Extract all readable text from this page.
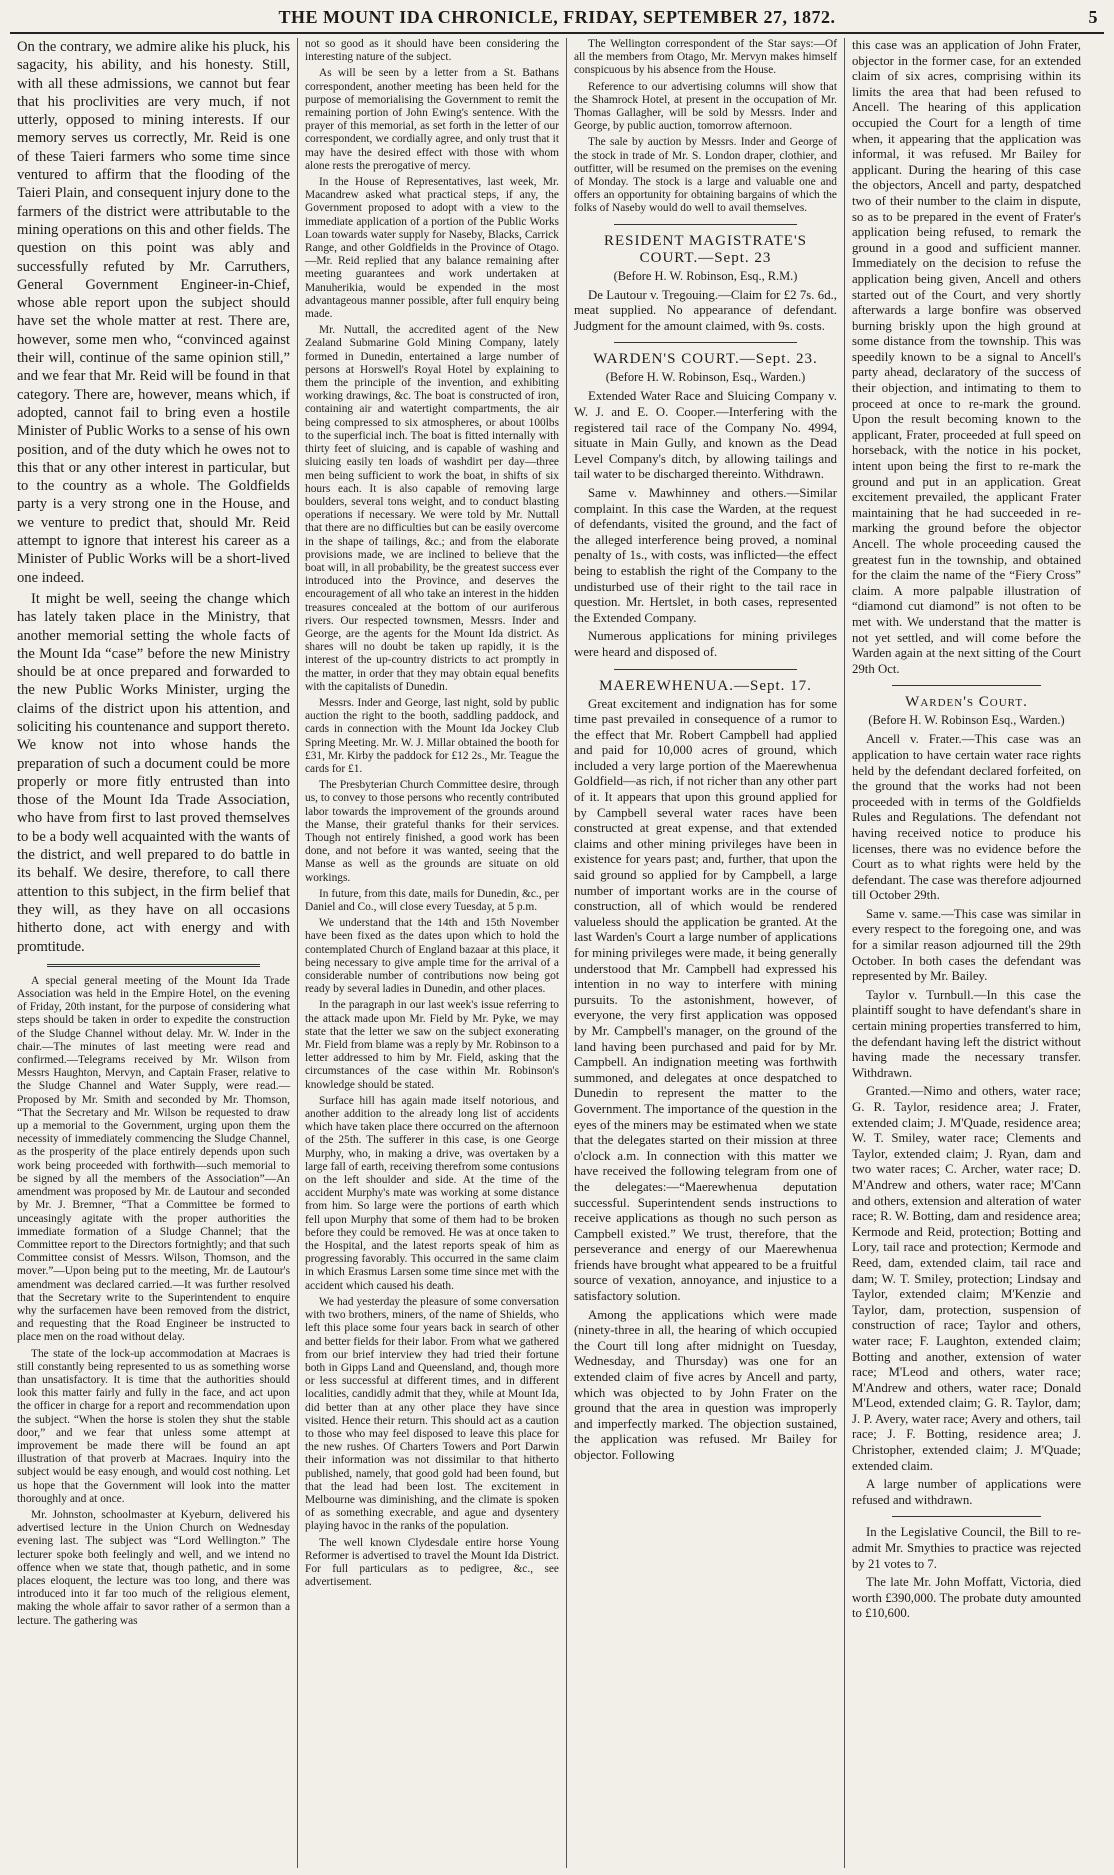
THE MOUNT IDA CHRONICLE, FRIDAY, SEPTEMBER 27, 1872.	5

On the contrary, we admire alike his pluck, his sagacity, his ability, and his honesty. Still, with all these admissions, we cannot but fear that his proclivities are very much, if not utterly, opposed to mining interests. If our memory serves us correctly, Mr. Reid is one of these Taieri farmers who some time since ventured to affirm that the flooding of the Taieri Plain, and consequent injury done to the farmers of the district were attributable to the mining operations on this and other fields. The question on this point was ably and successfully refuted by Mr. Carruthers, General Government Engineer-in-Chief, whose able report upon the subject should have set the whole matter at rest. There are, however, some men who, “convinced against their will, continue of the same opinion still,” and we fear that Mr. Reid will be found in that category. There are, however, means which, if adopted, cannot fail to bring even a hostile Minister of Public Works to a sense of his own position, and of the duty which he owes not to this that or any other interest in particular, but to the country as a whole. The Goldfields party is a very strong one in the House, and we venture to predict that, should Mr. Reid attempt to ignore that interest his career as a Minister of Public Works will be a short-lived one indeed.

It might be well, seeing the change which has lately taken place in the Ministry, that another memorial setting the whole facts of the Mount Ida “case” before the new Ministry should be at once prepared and forwarded to the new Public Works Minister, urging the claims of the district upon his attention, and soliciting his countenance and support thereto. We know not into whose hands the preparation of such a document could be more properly or more fitly entrusted than into those of the Mount Ida Trade Association, who have from first to last proved themselves to be a body well acquainted with the wants of the district, and well prepared to do battle in its behalf. We desire, therefore, to call there attention to this subject, in the firm belief that they will, as they have on all occasions hitherto done, act with energy and with promtitude.

A special general meeting of the Mount Ida Trade Association was held in the Empire Hotel, on the evening of Friday, 20th instant, for the purpose of considering what steps should be taken in order to expedite the construction of the Sludge Channel without delay. Mr. W. Inder in the chair.—The minutes of last meeting were read and confirmed.—Telegrams received by Mr. Wilson from Messrs Haughton, Mervyn, and Captain Fraser, relative to the Sludge Channel and Water Supply, were read.—Proposed by Mr. Smith and seconded by Mr. Thomson, “That the Secretary and Mr. Wilson be requested to draw up a memorial to the Government, urging upon them the necessity of immediately commencing the Sludge Channel, as the prosperity of the place entirely depends upon such work being proceeded with forthwith—such memorial to be signed by all the members of the Association”—An amendment was proposed by Mr. de Lautour and seconded by Mr. J. Bremner, “That a Committee be formed to unceasingly agitate with the proper authorities the immediate formation of a Sludge Channel; that the Committee report to the Directors fortnightly; and that such Committee consist of Messrs. Wilson, Thomson, and the mover.”—Upon being put to the meeting, Mr. de Lautour's amendment was declared carried.—It was further resolved that the Secretary write to the Superintendent to enquire why the surfacemen have been removed from the district, and requesting that the Road Engineer be instructed to place men on the road without delay.

The state of the lock-up accommodation at Macraes is still constantly being represented to us as something worse than unsatisfactory. It is time that the authorities should look this matter fairly and fully in the face, and act upon the officer in charge for a report and recommendation upon the subject. “When the horse is stolen they shut the stable door,” and we fear that unless some attempt at improvement be made there will be found an apt illustration of that proverb at Macraes. Inquiry into the subject would be easy enough, and would cost nothing. Let us hope that the Government will look into the matter thoroughly and at once.

Mr. Johnston, schoolmaster at Kyeburn, delivered his advertised lecture in the Union Church on Wednesday evening last. The subject was “Lord Wellington.” The lecturer spoke both feelingly and well, and we intend no offence when we state that, though pathetic, and in some places eloquent, the lecture was too long, and there was introduced into it far too much of the religious element, making the whole affair to savor rather of a sermon than a lecture. The gathering was

not so good as it should have been considering the interesting nature of the subject.

As will be seen by a letter from a St. Bathans correspondent, another meeting has been held for the purpose of memorialising the Government to remit the remaining portion of John Ewing's sentence. With the prayer of this memorial, as set forth in the letter of our correspondent, we cordially agree, and only trust that it may have the desired effect with those with whom alone rests the prerogative of mercy.

In the House of Representatives, last week, Mr. Macandrew asked what practical steps, if any, the Government proposed to adopt with a view to the immediate application of a portion of the Public Works Loan towards water supply for Naseby, Blacks, Carrick Range, and other Goldfields in the Province of Otago.—Mr. Reid replied that any balance remaining after meeting guarantees and work undertaken at Manuherikia, would be expended in the most advantageous manner possible, after full enquiry being made.

Mr. Nuttall, the accredited agent of the New Zealand Submarine Gold Mining Company, lately formed in Dunedin, entertained a large number of persons at Horswell's Royal Hotel by explaining to them the principle of the invention, and exhibiting working drawings, &c. The boat is constructed of iron, containing air and watertight compartments, the air being compressed to six atmospheres, or about 100lbs to the superficial inch. The boat is fitted internally with thirty feet of sluicing, and is capable of washing and sluicing easily ten loads of washdirt per day—three men being sufficient to work the boat, in shifts of six hours each. It is also capable of removing large boulders, several tons weight, and to conduct blasting operations if necessary. We were told by Mr. Nuttall that there are no difficulties but can be easily overcome in the shape of tailings, &c.; and from the elaborate provisions made, we are inclined to believe that the boat will, in all probability, be the greatest success ever introduced into the Province, and deserves the encouragement of all who take an interest in the hidden treasures concealed at the bottom of our auriferous rivers. Our respected townsmen, Messrs. Inder and George, are the agents for the Mount Ida district. As shares will no doubt be taken up rapidly, it is the interest of the up-country districts to act promptly in the matter, in order that they may obtain equal benefits with the capitalists of Dunedin.

Messrs. Inder and George, last night, sold by public auction the right to the booth, saddling paddock, and cards in connection with the Mount Ida Jockey Club Spring Meeting. Mr. W. J. Millar obtained the booth for £31, Mr. Kirby the paddock for £12 2s., Mr. Teague the cards for £1.

The Presbyterian Church Committee desire, through us, to convey to those persons who recently contributed labor towards the improvement of the grounds around the Manse, their grateful thanks for their services. Though not entirely finished, a good work has been done, and not before it was wanted, seeing that the Manse as well as the grounds are situate on old workings.

In future, from this date, mails for Dunedin, &c., per Daniel and Co., will close every Tuesday, at 5 p.m.

We understand that the 14th and 15th November have been fixed as the dates upon which to hold the contemplated Church of England bazaar at this place, it being necessary to give ample time for the arrival of a considerable number of contributions now being got ready by several ladies in Dunedin, and other places.

In the paragraph in our last week's issue referring to the attack made upon Mr. Field by Mr. Pyke, we may state that the letter we saw on the subject exonerating Mr. Field from blame was a reply by Mr. Robinson to a letter addressed to him by Mr. Field, asking that the circumstances of the case within Mr. Robinson's knowledge should be stated.

Surface hill has again made itself notorious, and another addition to the already long list of accidents which have taken place there occurred on the afternoon of the 25th. The sufferer in this case, is one George Murphy, who, in making a drive, was overtaken by a large fall of earth, receiving therefrom some contusions on the left shoulder and side. At the time of the accident Murphy's mate was working at some distance from him. So large were the portions of earth which fell upon Murphy that some of them had to be broken before they could be removed. He was at once taken to the Hospital, and the latest reports speak of him as progressing favorably. This occurred in the same claim in which Erasmus Larsen some time since met with the accident which caused his death.

We had yesterday the pleasure of some conversation with two brothers, miners, of the name of Shields, who left this place some four years back in search of other and better fields for their labor. From what we gathered from our brief interview they had tried their fortune both in Gipps Land and Queensland, and, though more or less successful at different times, and in different localities, candidly admit that they, while at Mount Ida, did better than at any other place they have since visited. Hence their return. This should act as a caution to those who may feel disposed to leave this place for the new rushes. Of Charters Towers and Port Darwin their information was not dissimilar to that hitherto published, namely, that good gold had been found, but that the lead had been lost. The excitement in Melbourne was diminishing, and the climate is spoken of as something execrable, and ague and dysentery playing havoc in the ranks of the population.

The well known Clydesdale entire horse Young Reformer is advertised to travel the Mount Ida District. For full particulars as to pedigree, &c., see advertisement.

The Wellington correspondent of the Star says:—Of all the members from Otago, Mr. Mervyn makes himself conspicuous by his absence from the House.

Reference to our advertising columns will show that the Shamrock Hotel, at present in the occupation of Mr. Thomas Gallagher, will be sold by Messrs. Inder and George, by public auction, tomorrow afternoon.

The sale by auction by Messrs. Inder and George of the stock in trade of Mr. S. London draper, clothier, and outfitter, will be resumed on the premises on the evening of Monday. The stock is a large and valuable one and offers an opportunity for obtaining bargains of which the folks of Naseby would do well to avail themselves.

RESIDENT MAGISTRATE'S COURT.—Sept. 23
(Before H. W. Robinson, Esq., R.M.)

De Lautour v. Tregouing.—Claim for £2 7s. 6d., meat supplied. No appearance of defendant. Judgment for the amount claimed, with 9s. costs.

WARDEN'S COURT.—Sept. 23.
(Before H. W. Robinson, Esq., Warden.)

Extended Water Race and Sluicing Company v. W. J. and E. O. Cooper.—Interfering with the registered tail race of the Company No. 4994, situate in Main Gully, and known as the Dead Level Company's ditch, by allowing tailings and tail water to be discharged thereinto. Withdrawn.

Same v. Mawhinney and others.—Similar complaint. In this case the Warden, at the request of defendants, visited the ground, and the fact of the alleged interference being proved, a nominal penalty of 1s., with costs, was inflicted—the effect being to establish the right of the Company to the undisturbed use of their right to the tail race in question. Mr. Hertslet, in both cases, represented the Extended Company.

Numerous applications for mining privileges were heard and disposed of.

MAEREWHENUA.—Sept. 17.

Great excitement and indignation has for some time past prevailed in consequence of a rumor to the effect that Mr. Robert Campbell had applied and paid for 10,000 acres of ground, which included a very large portion of the Maerewhenua Goldfield—as rich, if not richer than any other part of it. It appears that upon this ground applied for by Campbell several water races have been constructed at great expense, and that extended claims and other mining privileges have been in existence for years past; and, further, that upon the said ground so applied for by Campbell, a large number of important works are in the course of construction, all of which would be rendered valueless should the application be granted. At the last Warden's Court a large number of applications for mining privileges were made, it being generally understood that Mr. Campbell had expressed his intention in no way to interfere with mining pursuits. To the astonishment, however, of everyone, the very first application was opposed by Mr. Campbell's manager, on the ground of the land having been purchased and paid for by Mr. Campbell. An indignation meeting was forthwith summoned, and delegates at once despatched to Dunedin to represent the matter to the Government. The importance of the question in the eyes of the miners may be estimated when we state that the delegates started on their mission at three o'clock a.m. In connection with this matter we have received the following telegram from one of the delegates:—“Maerewhenua deputation successful. Superintendent sends instructions to receive applications as though no such person as Campbell existed.” We trust, therefore, that the perseverance and energy of our Maerewhenua friends have brought what appeared to be a fruitful source of vexation, annoyance, and injustice to a satisfactory solution.

Among the applications which were made (ninety-three in all, the hearing of which occupied the Court till long after midnight on Tuesday, Wednesday, and Thursday) was one for an extended claim of five acres by Ancell and party, which was objected to by John Frater on the ground that the area in question was improperly and imperfectly marked. The objection sustained, the application was refused. Mr Bailey for objector. Following

this case was an application of John Frater, objector in the former case, for an extended claim of six acres, comprising within its limits the area that had been refused to Ancell. The hearing of this application occupied the Court for a length of time when, it appearing that the application was informal, it was refused. Mr Bailey for applicant. During the hearing of this case the objectors, Ancell and party, despatched two of their number to the claim in dispute, so as to be prepared in the event of Frater's application being refused, to remark the ground in a good and sufficient manner. Immediately on the decision to refuse the application being given, Ancell and others started out of the Court, and very shortly afterwards a large bonfire was observed burning briskly upon the high ground at some distance from the township. This was speedily known to be a signal to Ancell's party ahead, declaratory of the success of their objection, and intimating to them to proceed at once to re-mark the ground. Upon the result becoming known to the applicant, Frater, proceeded at full speed on horseback, with the notice in his pocket, intent upon being the first to re-mark the ground and put in an application. Great excitement prevailed, the applicant Frater maintaining that he had succeeded in re-marking the ground before the objector Ancell. The whole proceeding caused the greatest fun in the township, and obtained for the claim the name of the “Fiery Cross” claim. A more palpable illustration of “diamond cut diamond” is not often to be met with. We understand that the matter is not yet settled, and will come before the Warden again at the next sitting of the Court 29th Oct.

Warden's Court.
(Before H. W. Robinson Esq., Warden.)

Ancell v. Frater.—This case was an application to have certain water race rights held by the defendant declared forfeited, on the ground that the works had not been proceeded with in terms of the Goldfields Rules and Regulations. The defendant not having received notice to produce his licenses, there was no evidence before the Court as to what rights were held by the defendant. The case was therefore adjourned till October 29th.

Same v. same.—This case was similar in every respect to the foregoing one, and was for a similar reason adjourned till the 29th October. In both cases the defendant was represented by Mr. Bailey.

Taylor v. Turnbull.—In this case the plaintiff sought to have defendant's share in certain mining properties transferred to him, the defendant having left the district without having made the necessary transfer. Withdrawn.

Granted.—Nimo and others, water race; G. R. Taylor, residence area; J. Frater, extended claim; J. M'Quade, residence area; W. T. Smiley, water race; Clements and Taylor, extended claim; J. Ryan, dam and two water races; C. Archer, water race; D. M'Andrew and others, water race; M'Cann and others, extension and alteration of water race; R. W. Botting, dam and residence area; Kermode and Reid, protection; Botting and Lory, tail race and protection; Kermode and Reed, dam, extended claim, tail race and dam; W. T. Smiley, protection; Lindsay and Taylor, extended claim; M'Kenzie and Taylor, dam, protection, suspension of construction of race; Taylor and others, water race; F. Laughton, extended claim; Botting and another, extension of water race; M'Leod and others, water race; M'Andrew and others, water race; Donald M'Leod, extended claim; G. R. Taylor, dam; J. P. Avery, water race; Avery and others, tail race; J. F. Botting, residence area; J. Christopher, extended claim; J. M'Quade; extended claim.

A large number of applications were refused and withdrawn.

In the Legislative Council, the Bill to re-admit Mr. Smythies to practice was rejected by 21 votes to 7.

The late Mr. John Moffatt, Victoria, died worth £390,000. The probate duty amounted to £10,600.
